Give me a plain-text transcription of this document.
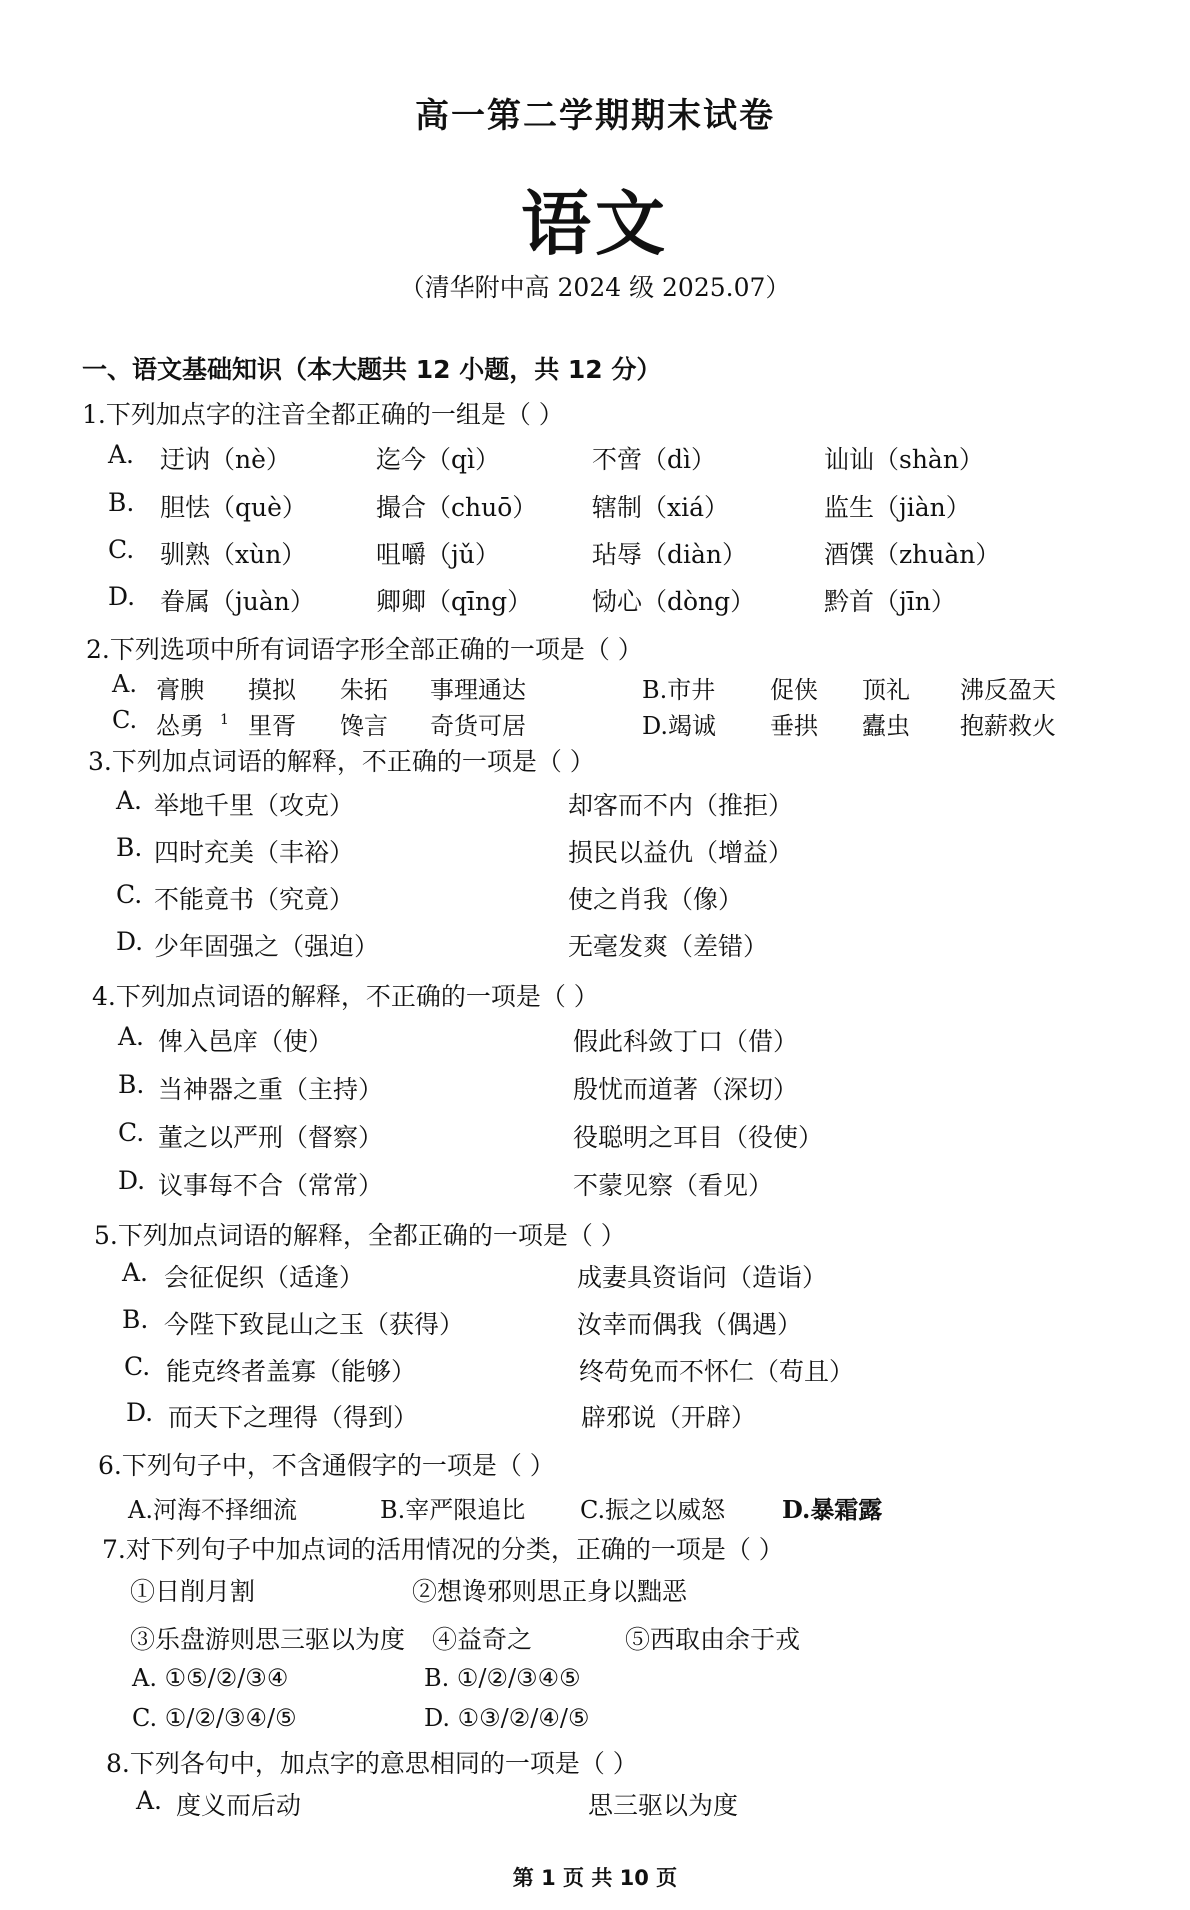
高一第二学期期末试卷
语文
（清华附中高 2024 级 2025.07）
一、语文基础知识（本大题共 12 小题，共 12 分）
1.下列加点字的注音全都正确的一组是（ ）
A. 迂讷（nè）	迄今（qì）	不啻（dì）	讪讪（shàn）
B. 胆怯（què）	撮合（chuō） 辖制（xiá）	监生（jiàn）
C. 驯熟（xùn）	咀嚼（jǔ）	玷辱（diàn）	酒馔（zhuàn）
D. 眷属（juàn） 卿卿（qīng） 恸心（dòng）	黔首（jīn）
2.下列选项中所有词语字形全部正确的一项是（ ）
A. 膏腴 摸拟 朱拓 事理通达	B.市井 促侠 顶礼 沸反盈天
C. 怂勇 1 里胥 馋言 奇货可居	D.竭诚 垂拱 蠹虫 抱薪救火
3.下列加点词语的解释，不正确的一项是（ ）
A. 举地千里（攻克）	却客而不内（推拒）
B. 四时充美（丰裕）	损民以益仇（增益）
C. 不能竟书（究竟）	使之肖我（像）
D. 少年固强之（强迫）	无毫发爽（差错）
4.下列加点词语的解释，不正确的一项是（ ）
A. 俾入邑庠（使）	假此科敛丁口（借）
B. 当神器之重（主持）	殷忧而道著（深切）
C. 董之以严刑（督察）	役聪明之耳目（役使）
D. 议事每不合（常常）	不蒙见察（看见）
5.下列加点词语的解释，全都正确的一项是（ ）
A. 会征促织（适逢）	成妻具资诣问（造诣）
B. 今陛下致昆山之玉（获得）	汝幸而偶我（偶遇）
C. 能克终者盖寡（能够）	终苟免而不怀仁（苟且）
D. 而天下之理得（得到）	辟邪说（开辟）
6.下列句子中，不含通假字的一项是（ ）
A.河海不择细流	B.宰严限追比 C.振之以威怒 D.暴霜露
7.对下列句子中加点词的活用情况的分类，正确的一项是（ ）
①日削月割	②想谗邪则思正身以黜恶
③乐盘游则思三驱以为度 ④益奇之	⑤西取由余于戎
A. ①⑤/②/③④	B. ①/②/③④⑤
C. ①/②/③④/⑤	D. ①③/②/④/⑤
8.下列各句中，加点字的意思相同的一项是（ ）
A. 度义而后动	思三驱以为度
第 1 页 共 10 页
